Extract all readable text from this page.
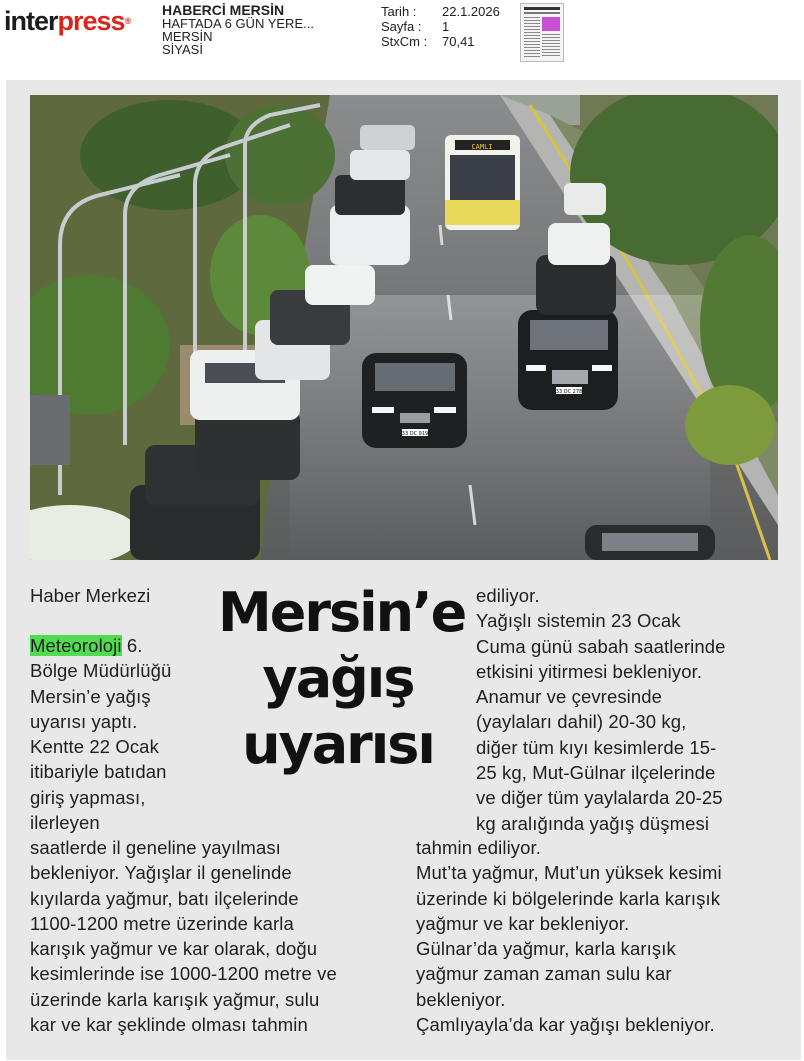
interpress®
HABERCİ MERSİN
HAFTADA 6 GÜN YERE...
MERSİN
SİYASİ
Tarih :	22.1.2026
Sayfa :	1
StxCm :	70,41
CAMLI
33 DC 919
33 DC 278
Haber Merkezi Mersin’e yağış uyarısı

Meteoroloji 6.
Bölge Müdürlüğü
Mersin’e yağış
uyarısı yaptı.
Kentte 22 Ocak
itibariyle batıdan
giriş yapması,
ilerleyen

saatlerde il geneline yayılması
bekleniyor. Yağışlar il genelinde
kıyılarda yağmur, batı ilçelerinde
1100-1200 metre üzerinde karla
karışık yağmur ve kar olarak, doğu
kesimlerinde ise 1000-1200 metre ve
üzerinde karla karışık yağmur, sulu
kar ve kar şeklinde olması tahmin

ediliyor.
Yağışlı sistemin 23 Ocak
Cuma günü sabah saatlerinde
etkisini yitirmesi bekleniyor.
Anamur ve çevresinde
(yaylaları dahil) 20-30 kg,
diğer tüm kıyı kesimlerde 15-
25 kg, Mut-Gülnar ilçelerinde
ve diğer tüm yaylalarda 20-25
kg aralığında yağış düşmesi

tahmin ediliyor.
Mut’ta yağmur, Mut’un yüksek kesimi
üzerinde ki bölgelerinde karla karışık
yağmur ve kar bekleniyor.
Gülnar’da yağmur, karla karışık
yağmur zaman zaman sulu kar
bekleniyor.
Çamlıyayla’da kar yağışı bekleniyor.
